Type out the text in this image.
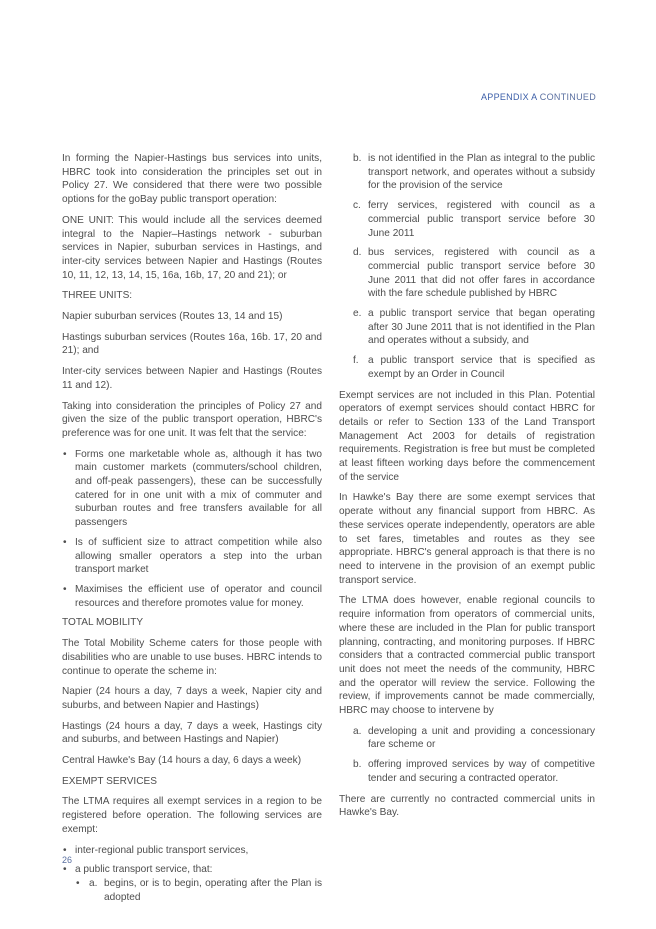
APPENDIX A CONTINUED

In forming the Napier-Hastings bus services into units, HBRC took into consideration the principles set out in Policy 27. We considered that there were two possible options for the goBay public transport operation:

ONE UNIT: This would include all the services deemed integral to the Napier–Hastings network - suburban services in Napier, suburban services in Hastings, and inter-city services between Napier and Hastings (Routes 10, 11, 12, 13, 14, 15, 16a, 16b, 17, 20 and 21); or

THREE UNITS:

Napier suburban services (Routes 13, 14 and 15)

Hastings suburban services (Routes 16a, 16b. 17, 20 and 21); and

Inter-city services between Napier and Hastings (Routes 11 and 12).

Taking into consideration the principles of Policy 27 and given the size of the public transport operation, HBRC's preference was for one unit. It was felt that the service:

• Forms one marketable whole as, although it has two main customer markets (commuters/school children, and off-peak passengers), these can be successfully catered for in one unit with a mix of commuter and suburban routes and free transfers available for all passengers
• Is of sufficient size to attract competition while also allowing smaller operators a step into the urban transport market
• Maximises the efficient use of operator and council resources and therefore promotes value for money.

TOTAL MOBILITY

The Total Mobility Scheme caters for those people with disabilities who are unable to use buses. HBRC intends to continue to operate the scheme in:

Napier (24 hours a day, 7 days a week, Napier city and suburbs, and between Napier and Hastings)

Hastings (24 hours a day, 7 days a week, Hastings city and suburbs, and between Hastings and Napier)

Central Hawke's Bay (14 hours a day, 6 days a week)

EXEMPT SERVICES

The LTMA requires all exempt services in a region to be registered before operation. The following services are exempt:

• inter-regional public transport services,
• a public transport service, that:
• a. begins, or is to begin, operating after the Plan is adopted
b. is not identified in the Plan as integral to the public transport network, and operates without a subsidy for the provision of the service
c. ferry services, registered with council as a commercial public transport service before 30 June 2011
d. bus services, registered with council as a commercial public transport service before 30 June 2011 that did not offer fares in accordance with the fare schedule published by HBRC
e. a public transport service that began operating after 30 June 2011 that is not identified in the Plan and operates without a subsidy, and
f. a public transport service that is specified as exempt by an Order in Council

Exempt services are not included in this Plan. Potential operators of exempt services should contact HBRC for details or refer to Section 133 of the Land Transport Management Act 2003 for details of registration requirements. Registration is free but must be completed at least fifteen working days before the commencement of the service

In Hawke's Bay there are some exempt services that operate without any financial support from HBRC. As these services operate independently, operators are able to set fares, timetables and routes as they see appropriate. HBRC's general approach is that there is no need to intervene in the provision of an exempt public transport service.

The LTMA does however, enable regional councils to require information from operators of commercial units, where these are included in the Plan for public transport planning, contracting, and monitoring purposes. If HBRC considers that a contracted commercial public transport unit does not meet the needs of the community, HBRC and the operator will review the service. Following the review, if improvements cannot be made commercially, HBRC may choose to intervene by

a. developing a unit and providing a concessionary fare scheme or
b. offering improved services by way of competitive tender and securing a contracted operator.

There are currently no contracted commercial units in Hawke's Bay.

26
